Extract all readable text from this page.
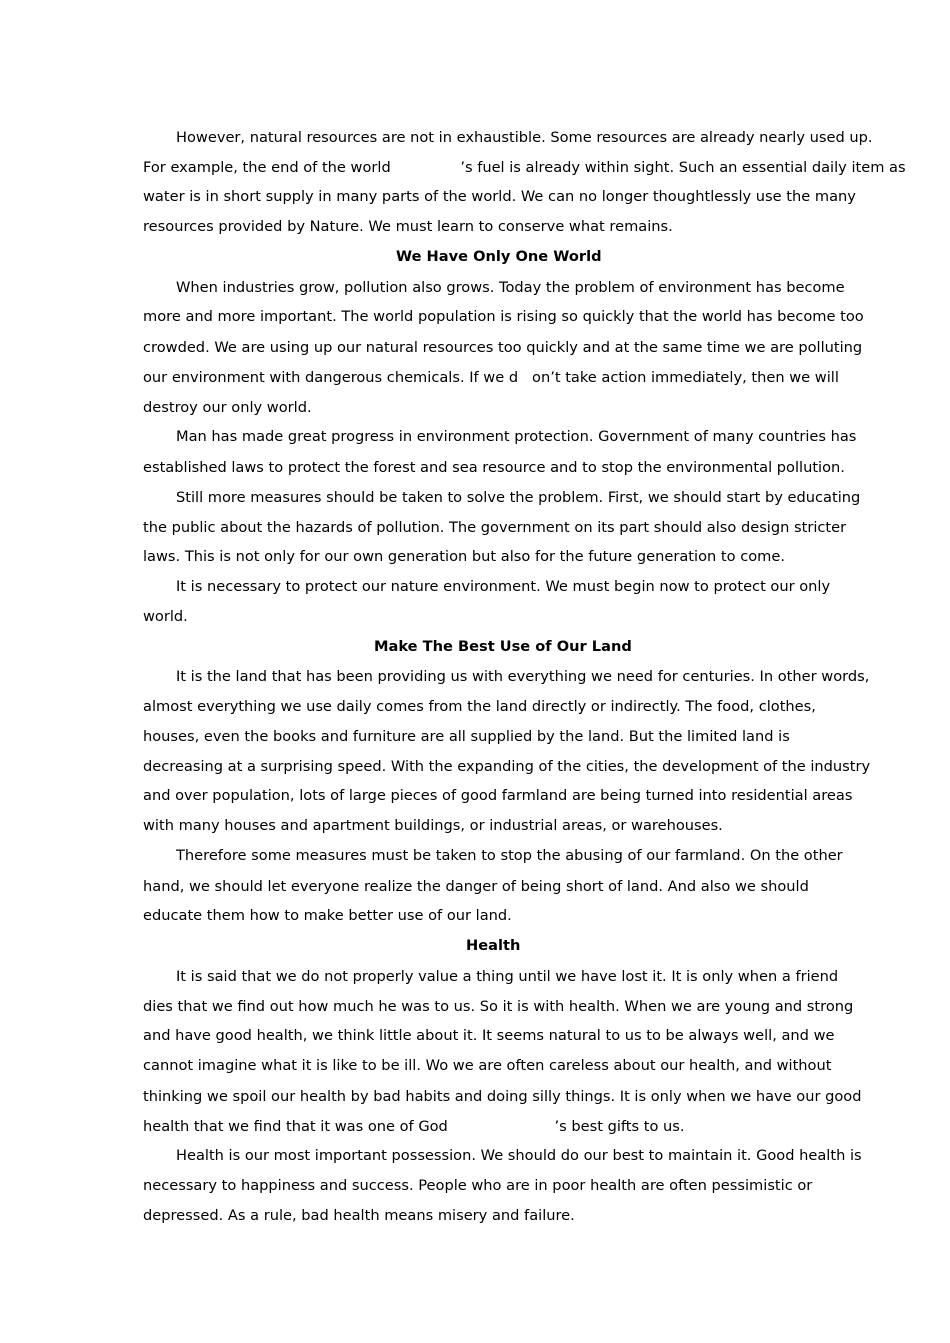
However, natural resources are not in exhaustible. Some resources are already nearly used up.
For example, the end of the world               ’s fuel is already within sight. Such an essential daily item as
water is in short supply in many parts of the world. We can no longer thoughtlessly use the many
resources provided by Nature. We must learn to conserve what remains.
We Have Only One World
When industries grow, pollution also grows. Today the problem of environment has become
more and more important. The world population is rising so quickly that the world has become too
crowded. We are using up our natural resources too quickly and at the same time we are polluting
our environment with dangerous chemicals. If we d   on’t take action immediately, then we will
destroy our only world.
Man has made great progress in environment protection. Government of many countries has
established laws to protect the forest and sea resource and to stop the environmental pollution.
Still more measures should be taken to solve the problem. First, we should start by educating
the public about the hazards of pollution. The government on its part should also design stricter
laws. This is not only for our own generation but also for the future generation to come.
It is necessary to protect our nature environment. We must begin now to protect our only
world.
Make The Best Use of Our Land
It is the land that has been providing us with everything we need for centuries. In other words,
almost everything we use daily comes from the land directly or indirectly. The food, clothes,
houses, even the books and furniture are all supplied by the land. But the limited land is
decreasing at a surprising speed. With the expanding of the cities, the development of the industry
and over population, lots of large pieces of good farmland are being turned into residential areas
with many houses and apartment buildings, or industrial areas, or warehouses.
Therefore some measures must be taken to stop the abusing of our farmland. On the other
hand, we should let everyone realize the danger of being short of land. And also we should
educate them how to make better use of our land.
Health
It is said that we do not properly value a thing until we have lost it. It is only when a friend
dies that we find out how much he was to us. So it is with health. When we are young and strong
and have good health, we think little about it. It seems natural to us to be always well, and we
cannot imagine what it is like to be ill. Wo we are often careless about our health, and without
thinking we spoil our health by bad habits and doing silly things. It is only when we have our good
health that we find that it was one of God                       ’s best gifts to us.
Health is our most important possession. We should do our best to maintain it. Good health is
necessary to happiness and success. People who are in poor health are often pessimistic or
depressed. As a rule, bad health means misery and failure.
